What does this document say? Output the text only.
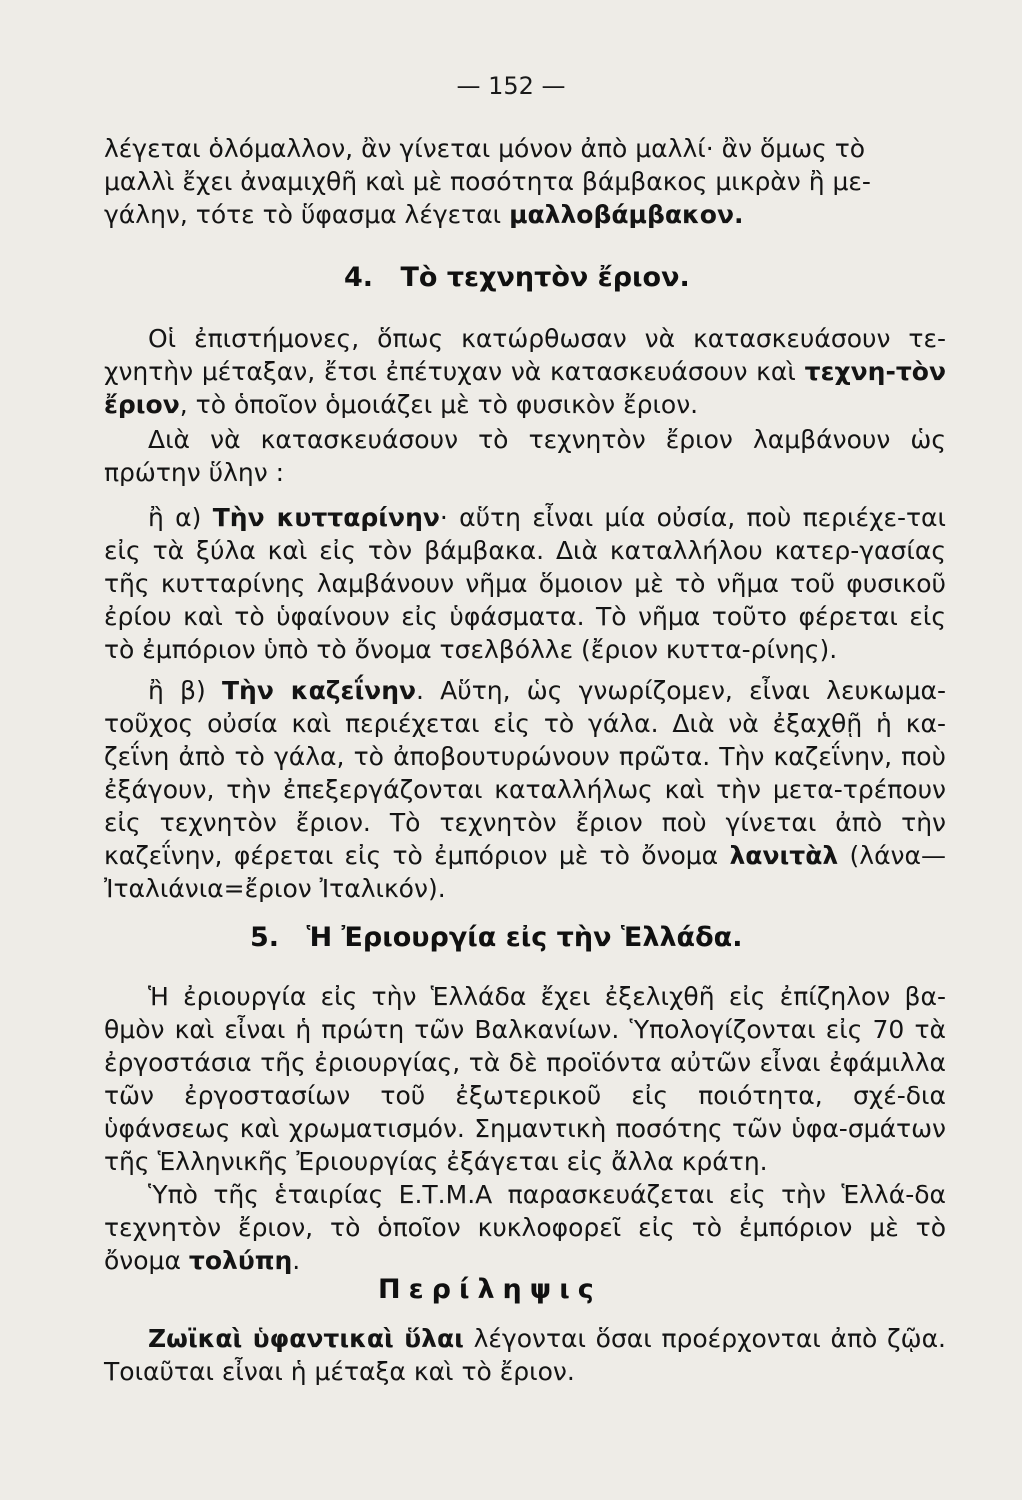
— 152 —

λέγεται ὁλόμαλλον, ἂν γίνεται μόνον ἀπὸ μαλλί· ἂν ὅμως τὸ

μαλλὶ ἔχει ἀναμιχθῆ καὶ μὲ ποσότητα βάμβακος μικρὰν ἢ με-

γάλην, τότε τὸ ὕφασμα λέγεται μαλλοβάμβακον.

4. Τὸ τεχνητὸν ἔριον.

Οἱ ἐπιστήμονες, ὅπως κατώρθωσαν νὰ κατασκευάσουν τε-χνητὴν μέταξαν, ἔτσι ἐπέτυχαν νὰ κατασκευάσουν καὶ τεχνη-τὸν ἔριον, τὸ ὁποῖον ὁμοιάζει μὲ τὸ φυσικὸν ἔριον.

Διὰ νὰ κατασκευάσουν τὸ τεχνητὸν ἔριον λαμβάνουν ὡς πρώτην ὕλην :

ἢ α) Τὴν κυτταρίνην· αὕτη εἶναι μία οὐσία, ποὺ περιέχε-ται εἰς τὰ ξύλα καὶ εἰς τὸν βάμβακα. Διὰ καταλλήλου κατερ-γασίας τῆς κυτταρίνης λαμβάνουν νῆμα ὅμοιον μὲ τὸ νῆμα τοῦ φυσικοῦ ἐρίου καὶ τὸ ὑφαίνουν εἰς ὑφάσματα. Τὸ νῆμα τοῦτο φέρεται εἰς τὸ ἐμπόριον ὑπὸ τὸ ὄνομα τσελβόλλε (ἔριον κυττα-ρίνης).

ἢ β) Τὴν καζεΐνην. Αὕτη, ὡς γνωρίζομεν, εἶναι λευκωμα-τοῦχος οὐσία καὶ περιέχεται εἰς τὸ γάλα. Διὰ νὰ ἐξαχθῇ ἡ κα-ζεΐνη ἀπὸ τὸ γάλα, τὸ ἀποβουτυρώνουν πρῶτα. Τὴν καζεΐνην, ποὺ ἐξάγουν, τὴν ἐπεξεργάζονται καταλλήλως καὶ τὴν μετα-τρέπουν εἰς τεχνητὸν ἔριον. Τὸ τεχνητὸν ἔριον ποὺ γίνεται ἀπὸ τὴν καζεΐνην, φέρεται εἰς τὸ ἐμπόριον μὲ τὸ ὄνομα λανιτὰλ (λάνα—Ἰταλιάνια=ἔριον Ἰταλικόν).

5. Ἡ Ἐριουργία εἰς τὴν Ἑλλάδα.

Ἡ ἐριουργία εἰς τὴν Ἑλλάδα ἔχει ἐξελιχθῆ εἰς ἐπίζηλον βα-θμὸν καὶ εἶναι ἡ πρώτη τῶν Βαλκανίων. Ὑπολογίζονται εἰς 70 τὰ ἐργοστάσια τῆς ἐριουργίας, τὰ δὲ προϊόντα αὐτῶν εἶναι ἐφάμιλλα τῶν ἐργοστασίων τοῦ ἐξωτερικοῦ εἰς ποιότητα, σχέ-δια ὑφάνσεως καὶ χρωματισμόν. Σημαντικὴ ποσότης τῶν ὑφα-σμάτων τῆς Ἑλληνικῆς Ἐριουργίας ἐξάγεται εἰς ἄλλα κράτη.

Ὑπὸ τῆς ἑταιρίας Ε.Τ.Μ.Α παρασκευάζεται εἰς τὴν Ἑλλά-δα τεχνητὸν ἔριον, τὸ ὁποῖον κυκλοφορεῖ εἰς τὸ ἐμπόριον μὲ τὸ ὄνομα τολύπη.

Περίληψις

Ζωϊκαὶ ὑφαντικαὶ ὕλαι λέγονται ὅσαι προέρχονται ἀπὸ ζῷα. Τοιαῦται εἶναι ἡ μέταξα καὶ τὸ ἔριον.
